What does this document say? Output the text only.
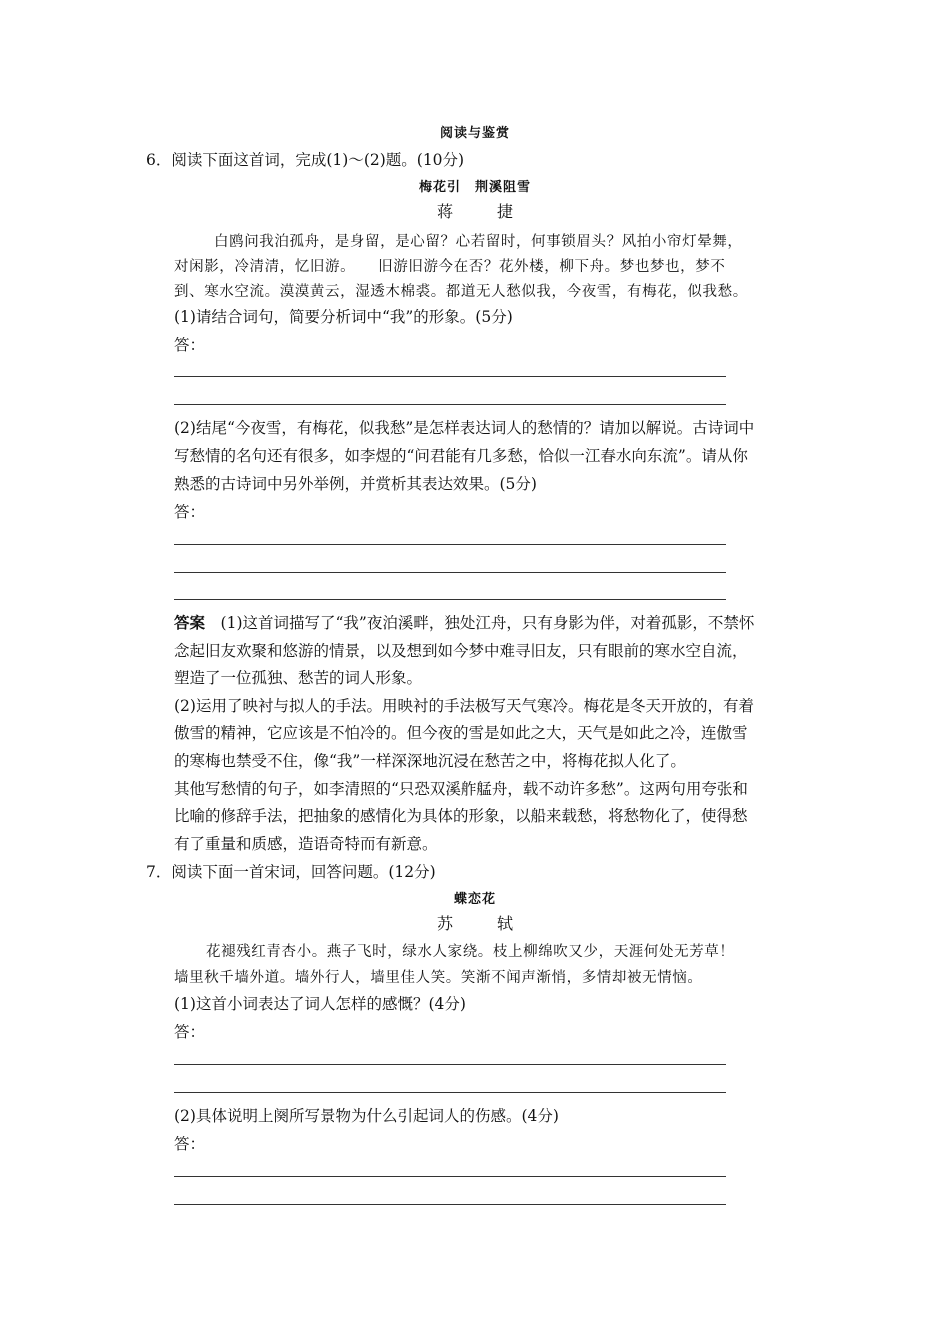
阅读与鉴赏
6．阅读下面这首词，完成(1)～(2)题。(10分)
梅花引　荆溪阻雪
蒋　捷
白鸥问我泊孤舟，是身留，是心留？心若留时，何事锁眉头？风拍小帘灯晕舞，
对闲影，冷清清，忆旧游。　　旧游旧游今在否？花外楼，柳下舟。梦也梦也，梦不
到、寒水空流。漠漠黄云，湿透木棉裘。都道无人愁似我，今夜雪，有梅花，似我愁。
(1)请结合词句，简要分析词中“我”的形象。(5分)
答：
(2)结尾“今夜雪，有梅花，似我愁”是怎样表达词人的愁情的？请加以解说。古诗词中
写愁情的名句还有很多，如李煜的“问君能有几多愁，恰似一江春水向东流”。请从你
熟悉的古诗词中另外举例，并赏析其表达效果。(5分)
答：
答案　 (1)这首词描写了“我”夜泊溪畔，独处江舟，只有身影为伴，对着孤影，不禁怀
念起旧友欢聚和悠游的情景，以及想到如今梦中难寻旧友，只有眼前的寒水空自流，
塑造了一位孤独、愁苦的词人形象。
(2)运用了映衬与拟人的手法。用映衬的手法极写天气寒冷。梅花是冬天开放的，有着
傲雪的精神，它应该是不怕冷的。但今夜的雪是如此之大，天气是如此之冷，连傲雪
的寒梅也禁受不住，像“我”一样深深地沉浸在愁苦之中，将梅花拟人化了。
其他写愁情的句子，如李清照的“只恐双溪舴艋舟，载不动许多愁”。这两句用夸张和
比喻的修辞手法，把抽象的感情化为具体的形象，以船来载愁，将愁物化了，使得愁
有了重量和质感，造语奇特而有新意。
7．阅读下面一首宋词，回答问题。(12分)
蝶恋花
苏　轼
花褪残红青杏小。燕子飞时，绿水人家绕。枝上柳绵吹又少，天涯何处无芳草！
墙里秋千墙外道。墙外行人，墙里佳人笑。笑渐不闻声渐悄，多情却被无情恼。
(1)这首小词表达了词人怎样的感慨？(4分)
答：
(2)具体说明上阕所写景物为什么引起词人的伤感。(4分)
答：
